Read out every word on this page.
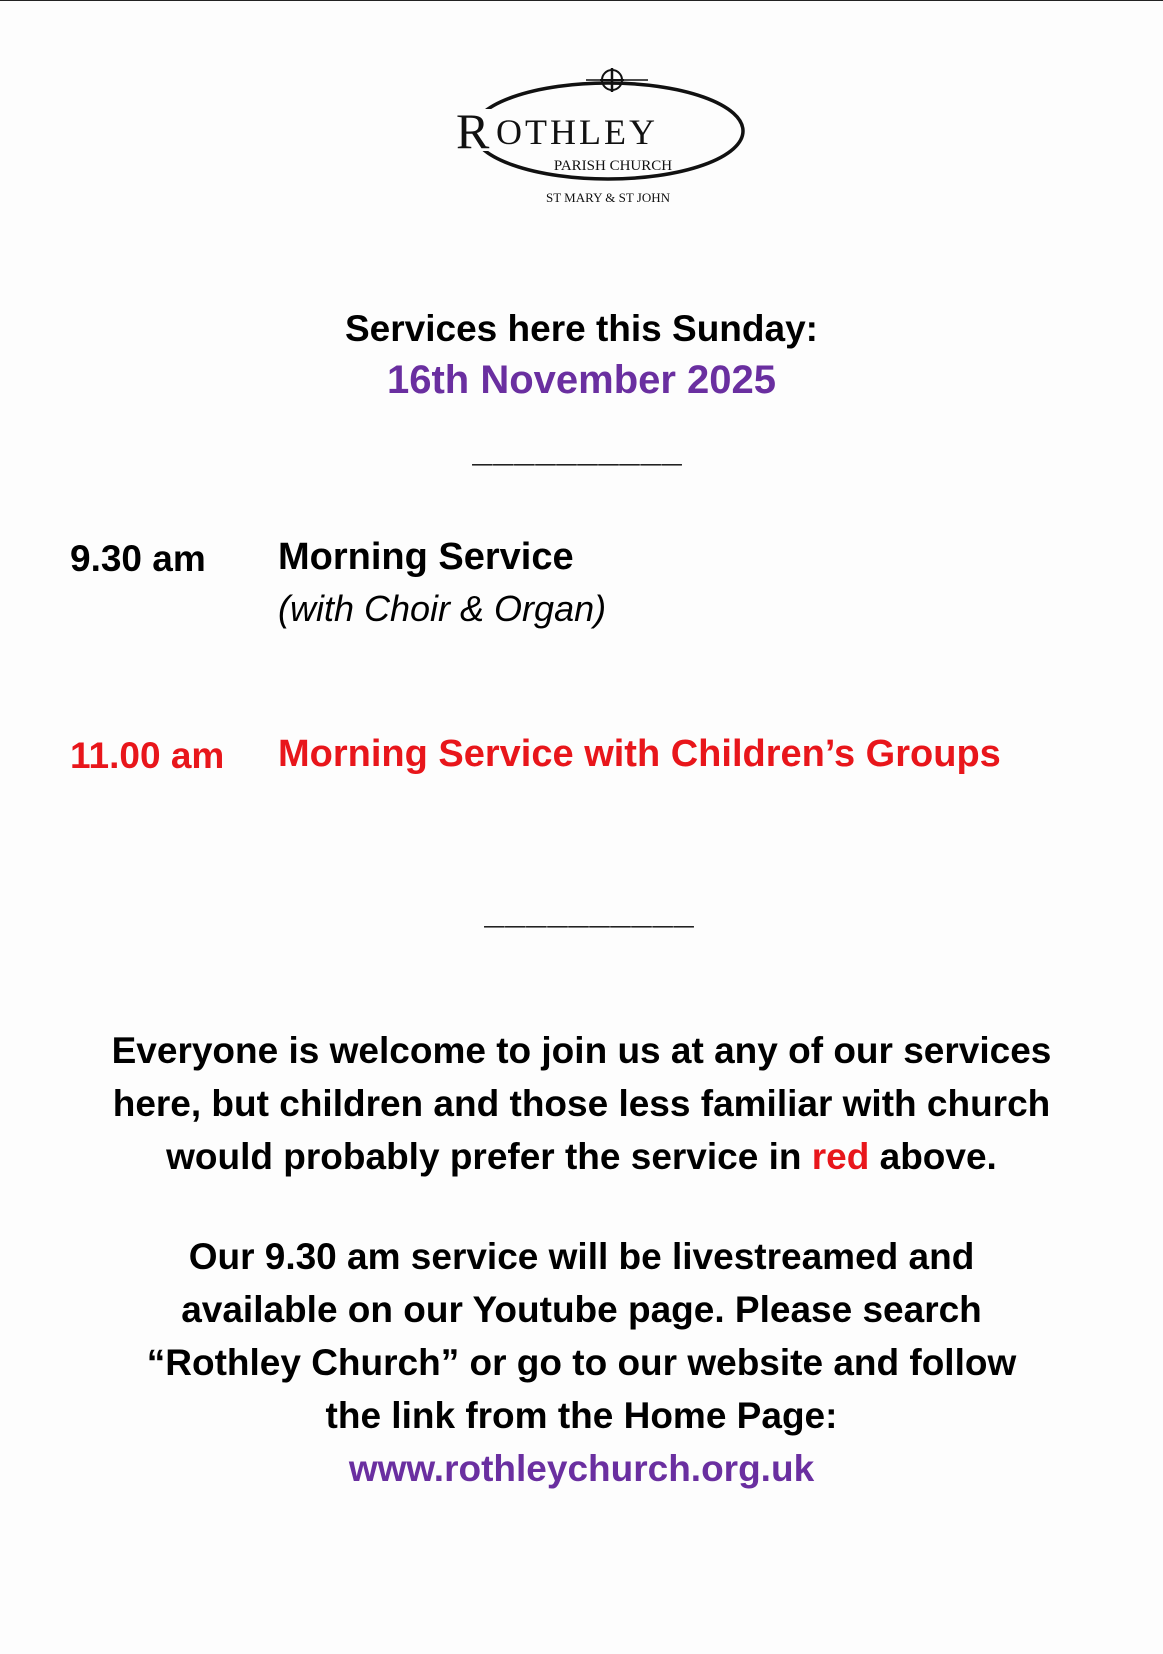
R OTHLEY
PARISH CHURCH
ST MARY & ST JOHN
Services here this Sunday:
16th November 2025
__________
9.30 am Morning Service
(with Choir & Organ)
11.00 am Morning Service with Children’s Groups
__________
Everyone is welcome to join us at any of our services
here, but children and those less familiar with church
would probably prefer the service in red above.
Our 9.30 am service will be livestreamed and
available on our Youtube page. Please search
“Rothley Church” or go to our website and follow
the link from the Home Page:
www.rothleychurch.org.uk
